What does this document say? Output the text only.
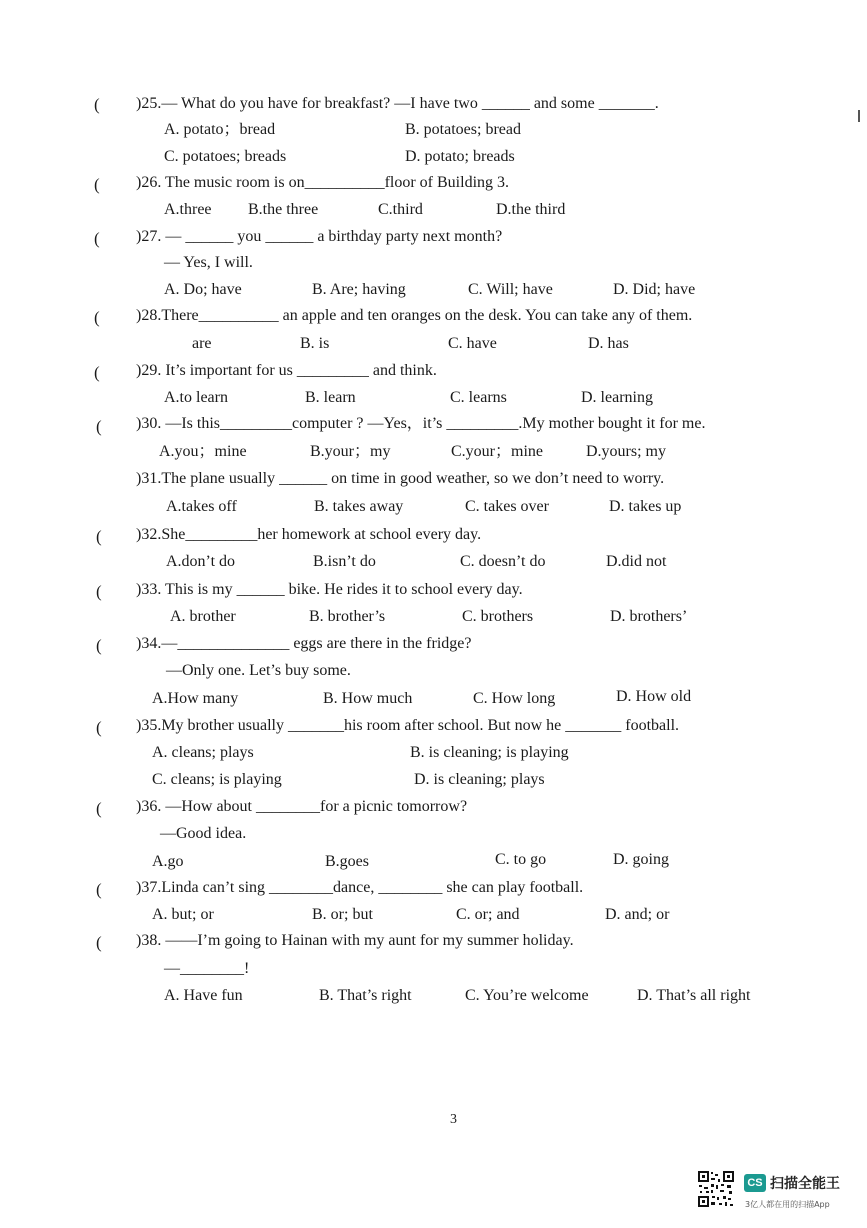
( )25.— What do you have for breakfast? —I have two ______ and some _______.
A. potato；bread	B. potatoes; bread
C. potatoes; breads	D. potato; breads
( )26. The music room is on__________floor of Building 3.
A.three B.the three	C.third	D.the third
( )27. — ______ you ______ a birthday party next month?
— Yes, I will.
A. Do; have	B. Are; having	C. Will; have	D. Did; have
( )28.There__________ an apple and ten oranges on the desk. You can take any of them.
are	B. is	C. have	D. has
( )29. It’s important for us _________ and think.
A.to learn	B. learn	C. learns	D. learning
( )30. —Is this_________computer ? —Yes，it’s _________.My mother bought it for me.
A.you；mine	B.your；my	C.your；mine	D.yours; my
)31.The plane usually ______ on time in good weather, so we don’t need to worry.
A.takes off	B. takes away	C. takes over	D. takes up
( )32.She_________her homework at school every day.
A.don’t do	B.isn’t do	C. doesn’t do	D.did not
( )33. This is my ______ bike. He rides it to school every day.
A. brother	B. brother’s	C. brothers	D. brothers’
( )34.—______________ eggs are there in the fridge?
—Only one. Let’s buy some.
A.How many	B. How much	C. How long	D. How old
( )35.My brother usually _______his room after school. But now he _______ football.
A. cleans; plays	B. is cleaning; is playing
C. cleans; is playing	D. is cleaning; plays
( )36. —How about ________for a picnic tomorrow?
—Good idea.
A.go	B.goes	C. to go	D. going
( )37.Linda can’t sing ________dance, ________ she can play football.
A. but; or	B. or; but	C. or; and	D. and; or
( )38. ——I’m going to Hainan with my aunt for my summer holiday.
—________!
A. Have fun	B. That’s right	C. You’re welcome	D. That’s all right
3
CS 扫描全能王
3亿人都在用的扫描App
